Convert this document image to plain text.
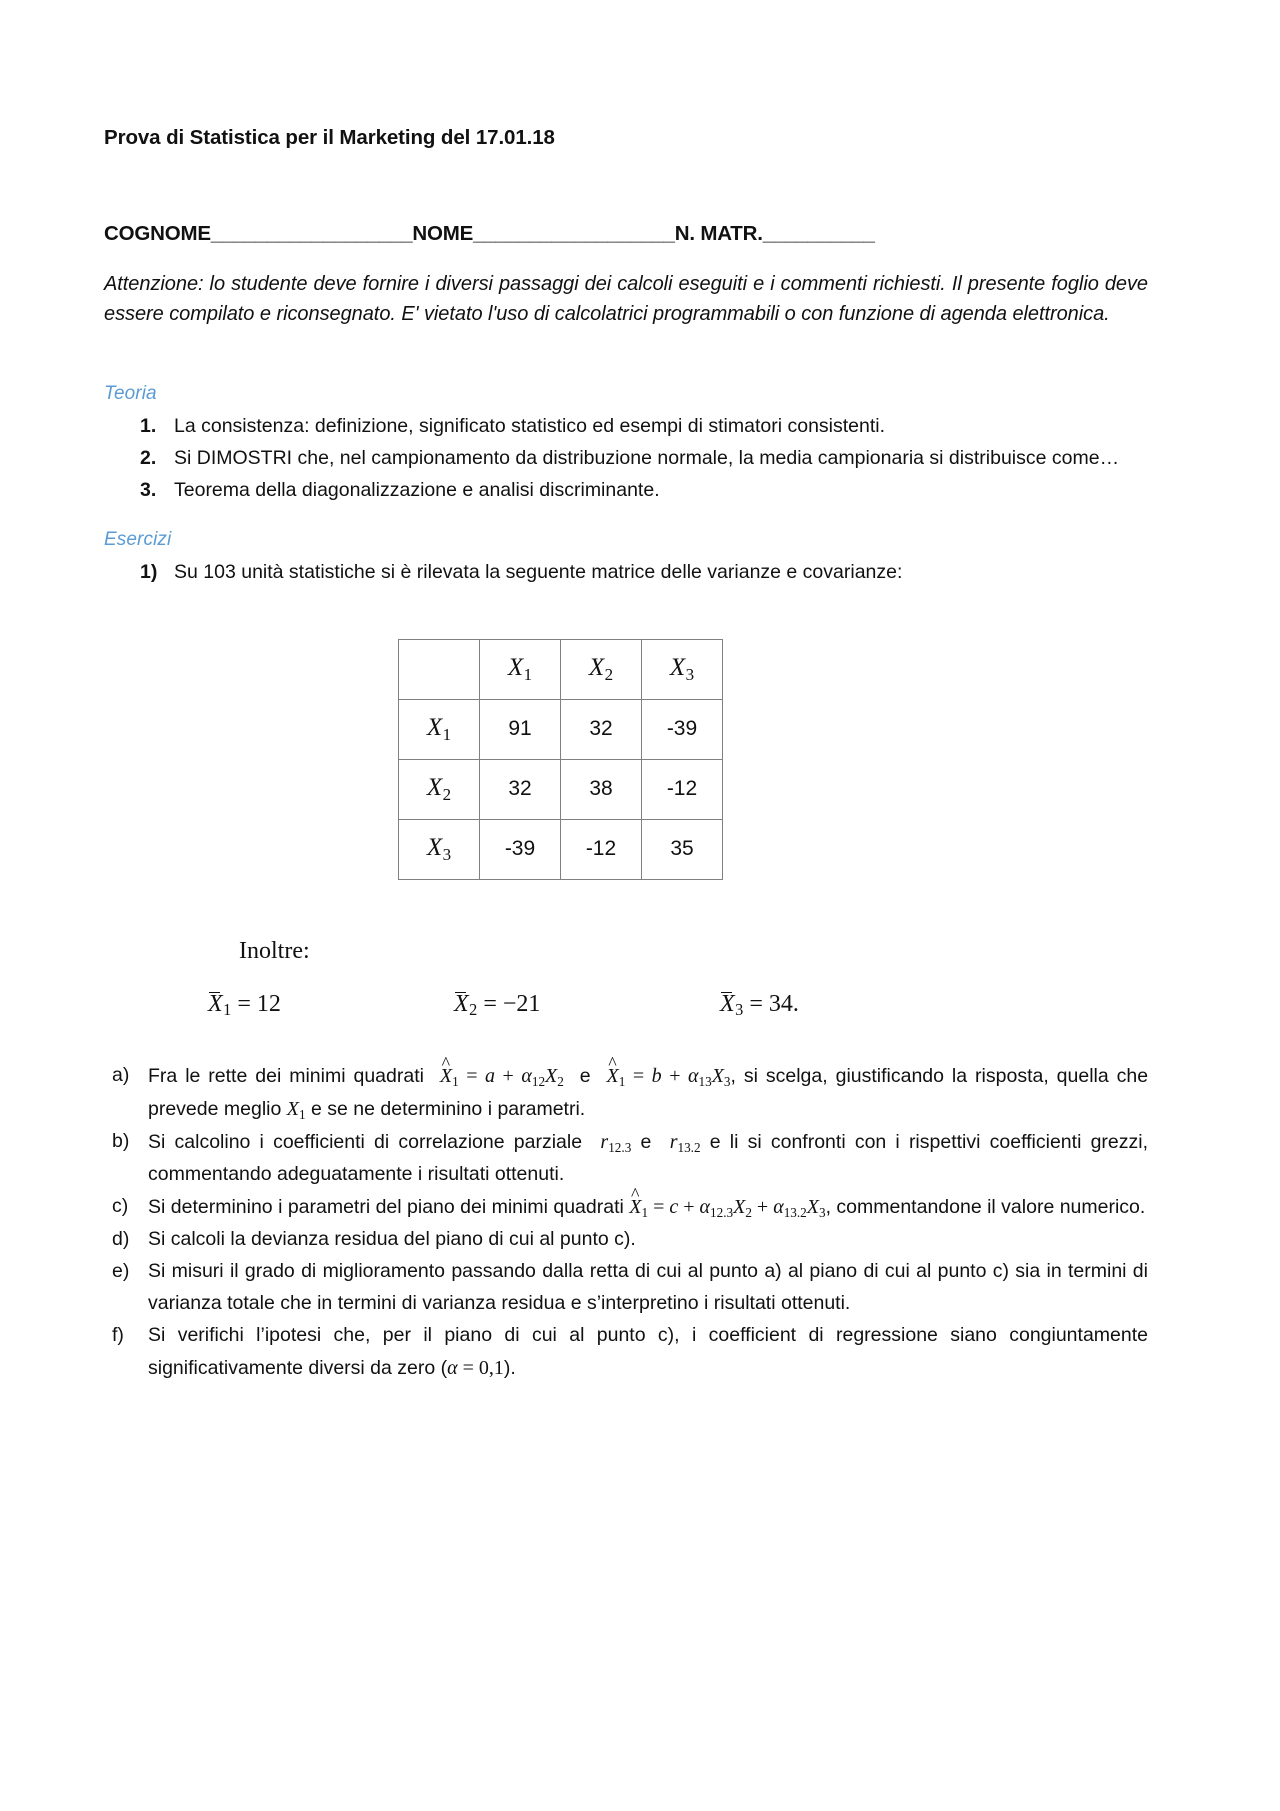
Prova di Statistica per il Marketing del 17.01.18
COGNOME__________________NOME__________________N. MATR.__________
Attenzione: lo studente deve fornire i diversi passaggi dei calcoli eseguiti e i commenti richiesti. Il presente foglio deve essere compilato e riconsegnato. E' vietato l'uso di calcolatrici programmabili o con funzione di agenda elettronica.
Teoria
1. La consistenza: definizione, significato statistico ed esempi di stimatori consistenti.
2. Si DIMOSTRI che, nel campionamento da distribuzione normale, la media campionaria si distribuisce come…
3. Teorema della diagonalizzazione e analisi discriminante.
Esercizi
1) Su 103 unità statistiche si è rilevata la seguente matrice delle varianze e covarianze:
	$X_1$	$X_2$	$X_3$
$X_1$	91	32	-39
$X_2$	32	38	-12
$X_3$	-39	-12	35
Inoltre:
$X_1 = 12$	$X_2 = -21$	$X_3 = 34$.
a) Fra le rette dei minimi quadrati ^ $X_1 = a + \alpha_{12}X_2$ e ^ $X_1 = b + \alpha_{13}X_3$, si scelga, giustificando la risposta, quella che prevede meglio $X_1$ e se ne determinino i parametri.
b) Si calcolino i coefficienti di correlazione parziale $r_{12.3}$ e $r_{13.2}$ e li si confronti con i rispettivi coefficienti grezzi, commentando adeguatamente i risultati ottenuti.
c) Si determinino i parametri del piano dei minimi quadrati ^ $X_1 = c + \alpha_{12.3}X_2 + \alpha_{13.2}X_3$, commentandone il valore numerico.
d) Si calcoli la devianza residua del piano di cui al punto c).
e) Si misuri il grado di miglioramento passando dalla retta di cui al punto a) al piano di cui al punto c) sia in termini di varianza totale che in termini di varianza residua e s’interpretino i risultati ottenuti.
f) Si verifichi l’ipotesi che, per il piano di cui al punto c), i coefficient di regressione siano congiuntamente significativamente diversi da zero (α = 0,1).
